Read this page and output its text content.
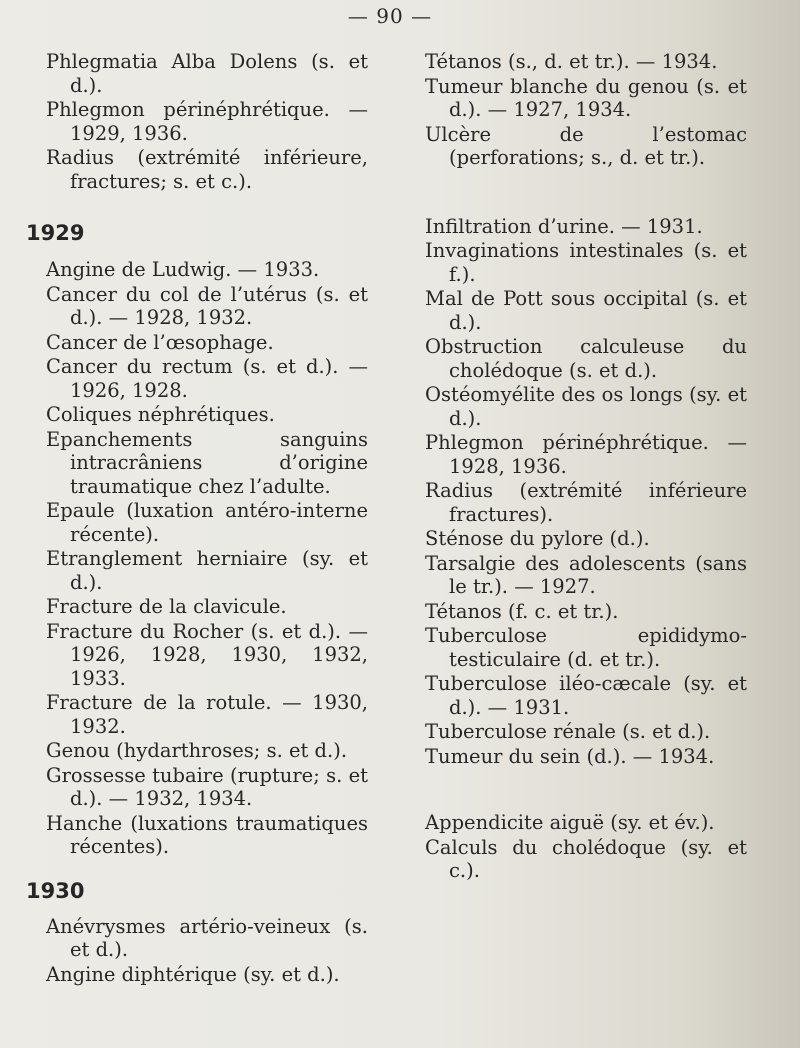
— 90 —

Phlegmatia Alba Dolens (s. et d.).

Phlegmon périnéphrétique. — 1929, 1936.

Radius (extrémité inférieure, fractures; s. et c.).

1929

Angine de Ludwig. — 1933.

Cancer du col de l’utérus (s. et d.). — 1928, 1932.

Cancer de l’œsophage.

Cancer du rectum (s. et d.). — 1926, 1928.

Coliques néphrétiques.

Epanchements sanguins intracrâniens d’origine traumatique chez l’adulte.

Epaule (luxation antéro-interne récente).

Etranglement herniaire (sy. et d.).

Fracture de la clavicule.

Fracture du Rocher (s. et d.). — 1926, 1928, 1930, 1932, 1933.

Fracture de la rotule. — 1930, 1932.

Genou (hydarthroses; s. et d.).

Grossesse tubaire (rupture; s. et d.). — 1932, 1934.

Hanche (luxations traumatiques récentes).

1930

Anévrysmes artério-veineux (s. et d.).

Angine diphtérique (sy. et d.).

Tétanos (s., d. et tr.). — 1934.

Tumeur blanche du genou (s. et d.). — 1927, 1934.

Ulcère de l’estomac (perforations; s., d. et tr.).

Infiltration d’urine. — 1931.

Invaginations intestinales (s. et f.).

Mal de Pott sous occipital (s. et d.).

Obstruction calculeuse du cholédoque (s. et d.).

Ostéomyélite des os longs (sy. et d.).

Phlegmon périnéphrétique. — 1928, 1936.

Radius (extrémité inférieure fractures).

Sténose du pylore (d.).

Tarsalgie des adolescents (sans le tr.). — 1927.

Tétanos (f. c. et tr.).

Tuberculose epididymo-testiculaire (d. et tr.).

Tuberculose iléo-cæcale (sy. et d.). — 1931.

Tuberculose rénale (s. et d.).

Tumeur du sein (d.). — 1934.

Appendicite aiguë (sy. et év.).

Calculs du cholédoque (sy. et c.).
